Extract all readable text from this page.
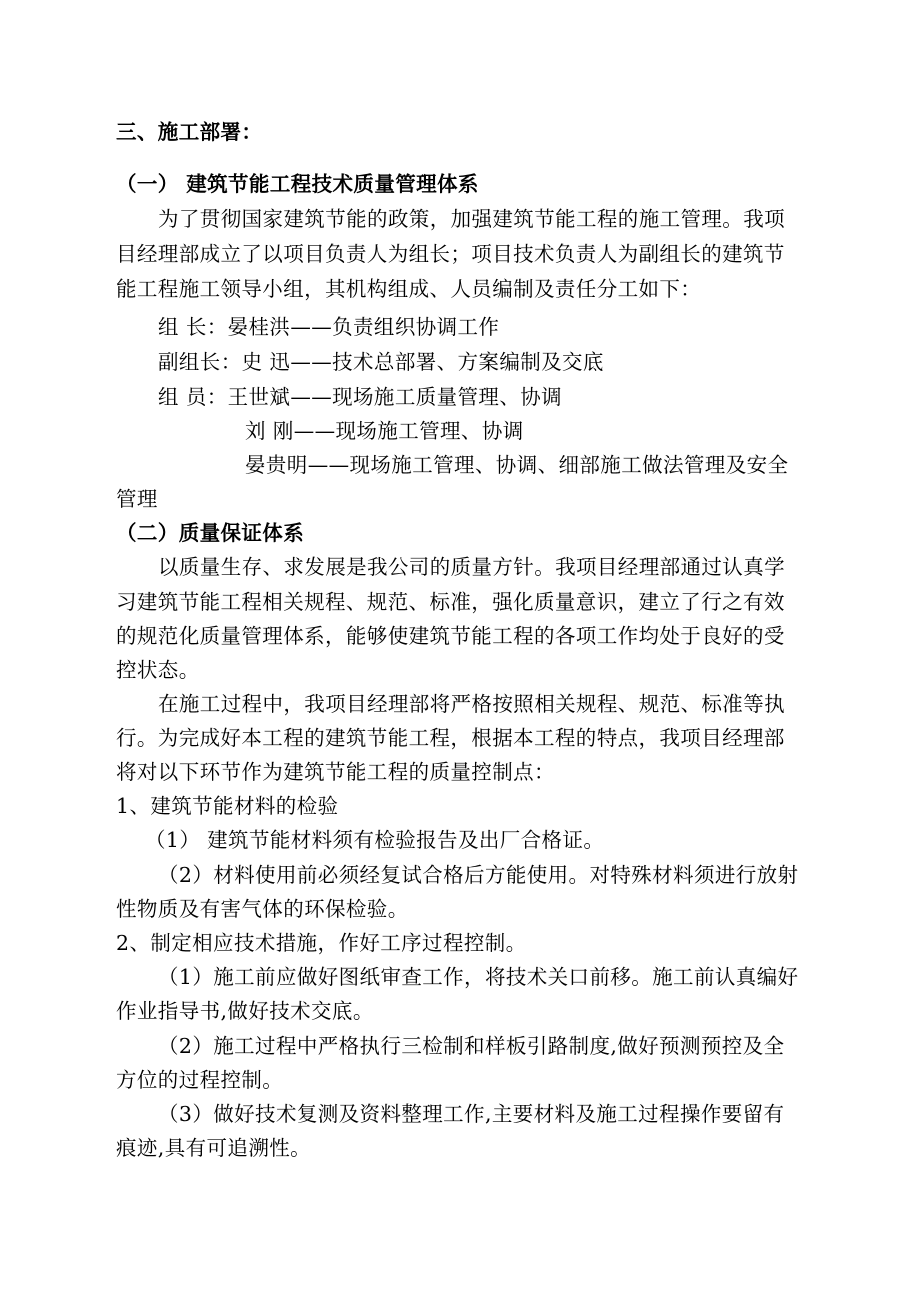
三、施工部署：
（一） 建筑节能工程技术质量管理体系
为了贯彻国家建筑节能的政策，加强建筑节能工程的施工管理。我项
目经理部成立了以项目负责人为组长；项目技术负责人为副组长的建筑节
能工程施工领导小组，其机构组成、人员编制及责任分工如下：
组 长：晏桂洪——负责组织协调工作
副组长：史 迅——技术总部署、方案编制及交底
组 员：王世斌——现场施工质量管理、协调
刘 刚——现场施工管理、协调
晏贵明——现场施工管理、协调、细部施工做法管理及安全
管理
（二）质量保证体系
以质量生存、求发展是我公司的质量方针。我项目经理部通过认真学
习建筑节能工程相关规程、规范、标准，强化质量意识，建立了行之有效
的规范化质量管理体系，能够使建筑节能工程的各项工作均处于良好的受
控状态。
在施工过程中，我项目经理部将严格按照相关规程、规范、标准等执
行。为完成好本工程的建筑节能工程，根据本工程的特点，我项目经理部
将对以下环节作为建筑节能工程的质量控制点：
1、建筑节能材料的检验
（1） 建筑节能材料须有检验报告及出厂合格证。
（2）材料使用前必须经复试合格后方能使用。对特殊材料须进行放射
性物质及有害气体的环保检验。
2、制定相应技术措施，作好工序过程控制。
（1）施工前应做好图纸审查工作，将技术关口前移。施工前认真编好
作业指导书,做好技术交底。
（2）施工过程中严格执行三检制和样板引路制度,做好预测预控及全
方位的过程控制。
（3）做好技术复测及资料整理工作,主要材料及施工过程操作要留有
痕迹,具有可追溯性。
